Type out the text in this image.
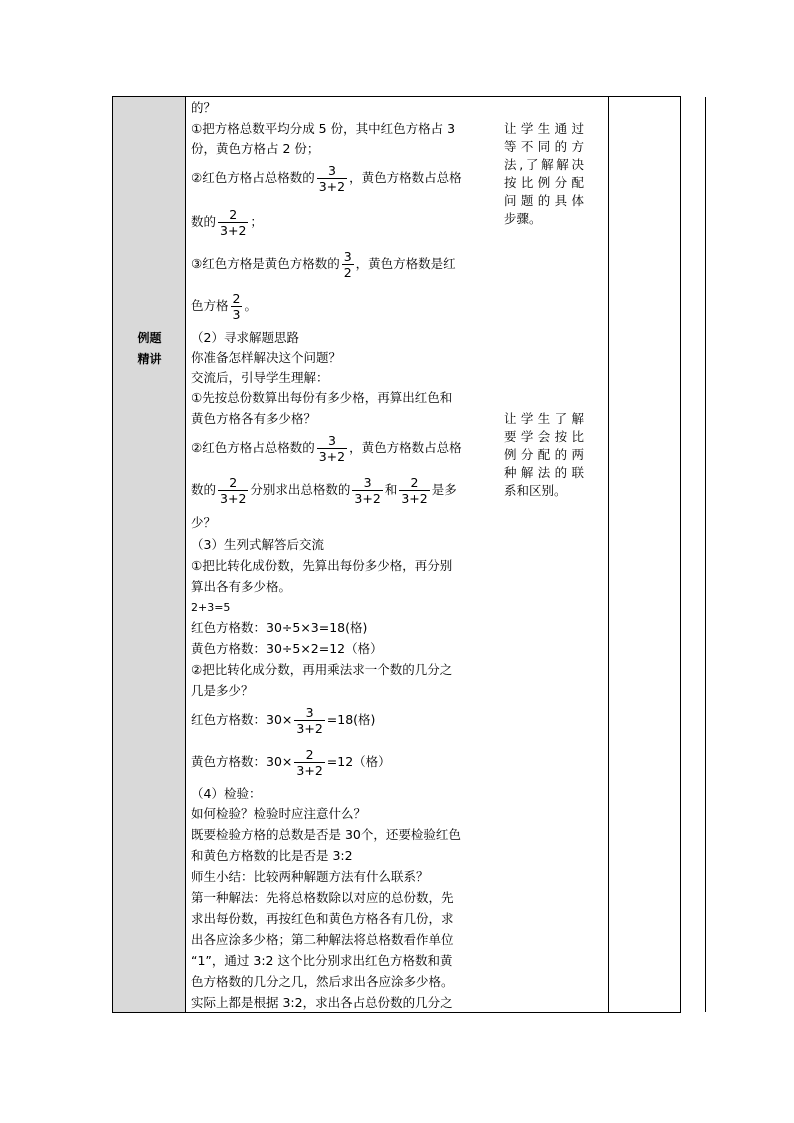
例题
精讲
的？
①把方格总数平均分成 5 份，其中红色方格占 3
份，黄色方格占 2 份；
②红色方格占总格数的 $\frac{3}{3+2}$ ，黄色方格数占总格
数的 $\frac{2}{3+2}$ ；
③红色方格是黄色方格数的 $\frac{3}{2}$ ，黄色方格数是红
色方格 $\frac{2}{3}$ 。
（2）寻求解题思路
你准备怎样解决这个问题？
交流后，引导学生理解：
①先按总份数算出每份有多少格，再算出红色和
黄色方格各有多少格？
②红色方格占总格数的 $\frac{3}{3+2}$ ，黄色方格数占总格
数的 $\frac{2}{3+2}$ 分别求出总格数的 $\frac{3}{3+2}$ 和 $\frac{2}{3+2}$ 是多
少？
（3）生列式解答后交流
①把比转化成份数，先算出每份多少格，再分别
算出各有多少格。
2+3=5
红色方格数：30÷5×3=18(格)
黄色方格数：30÷5×2=12（格）
②把比转化成分数，再用乘法求一个数的几分之
几是多少？
红色方格数：$30\times \frac{3}{3+2} =18$(格)
黄色方格数：$30\times \frac{2}{3+2} =12$（格）
（4）检验：
如何检验？检验时应注意什么？
既要检验方格的总数是否是 30个，还要检验红色
和黄色方格数的比是否是 3:2
师生小结：比较两种解题方法有什么联系？
第一种解法：先将总格数除以对应的总份数，先
求出每份数，再按红色和黄色方格各有几份，求
出各应涂多少格；第二种解法将总格数看作单位
“1”，通过 3:2 这个比分别求出红色方格数和黄
色方格数的几分之几，然后求出各应涂多少格。
实际上都是根据 3:2，求出各占总份数的几分之
让学生通过
等不同的方
法,了解解决
按比例分配
问题的具体
步骤。
让学生了解
要学会按比
例分配的两
种解法的联
系和区别。
